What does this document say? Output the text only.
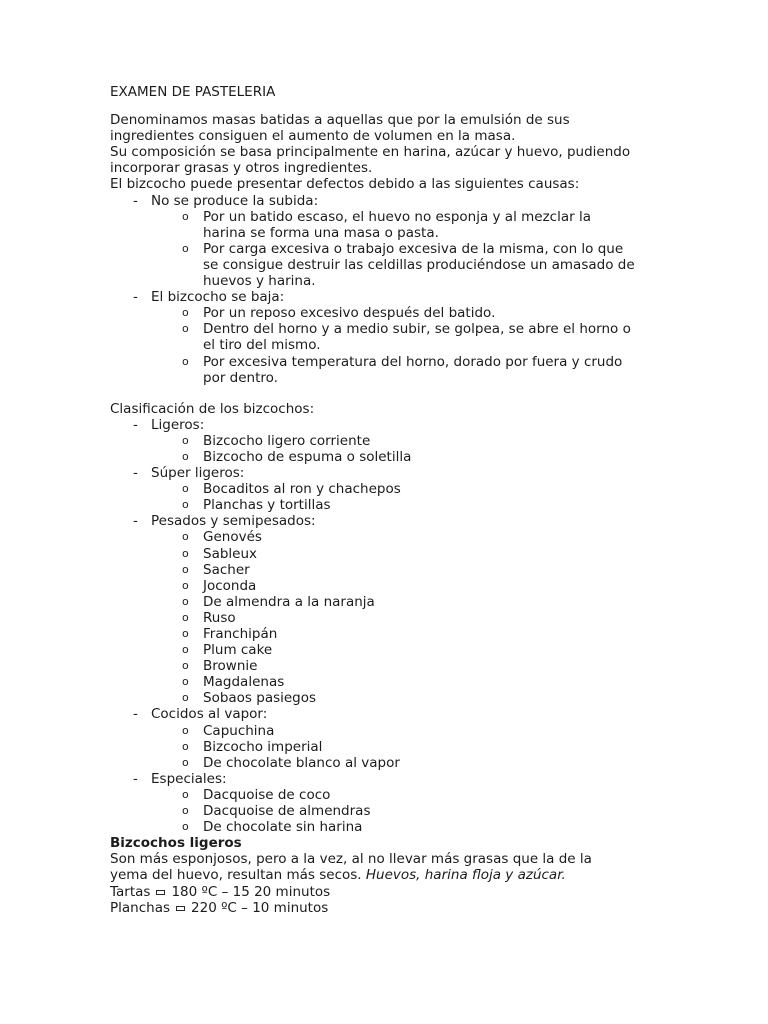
EXAMEN DE PASTELERIA
Denominamos masas batidas a aquellas que por la emulsión de sus
ingredientes consiguen el aumento de volumen en la masa.
Su composición se basa principalmente en harina, azúcar y huevo, pudiendo
incorporar grasas y otros ingredientes.
El bizcocho puede presentar defectos debido a las siguientes causas:
- No se produce la subida:
o Por un batido escaso, el huevo no esponja y al mezclar la
harina se forma una masa o pasta.
o Por carga excesiva o trabajo excesiva de la misma, con lo que
se consigue destruir las celdillas produciéndose un amasado de
huevos y harina.
- El bizcocho se baja:
o Por un reposo excesivo después del batido.
o Dentro del horno y a medio subir, se golpea, se abre el horno o
el tiro del mismo.
o Por excesiva temperatura del horno, dorado por fuera y crudo
por dentro.
Clasificación de los bizcochos:
- Ligeros:
o Bizcocho ligero corriente
o Bizcocho de espuma o soletilla
- Súper ligeros:
o Bocaditos al ron y chachepos
o Planchas y tortillas
- Pesados y semipesados:
o Genovés
o Sableux
o Sacher
o Joconda
o De almendra a la naranja
o Ruso
o Franchipán
o Plum cake
o Brownie
o Magdalenas
o Sobaos pasiegos
- Cocidos al vapor:
o Capuchina
o Bizcocho imperial
o De chocolate blanco al vapor
- Especiales:
o Dacquoise de coco
o Dacquoise de almendras
o De chocolate sin harina
Bizcochos ligeros
Son más esponjosos, pero a la vez, al no llevar más grasas que la de la
yema del huevo, resultan más secos. Huevos, harina floja y azúcar.
Tartas 180 ºC – 15 20 minutos
Planchas 220 ºC – 10 minutos
